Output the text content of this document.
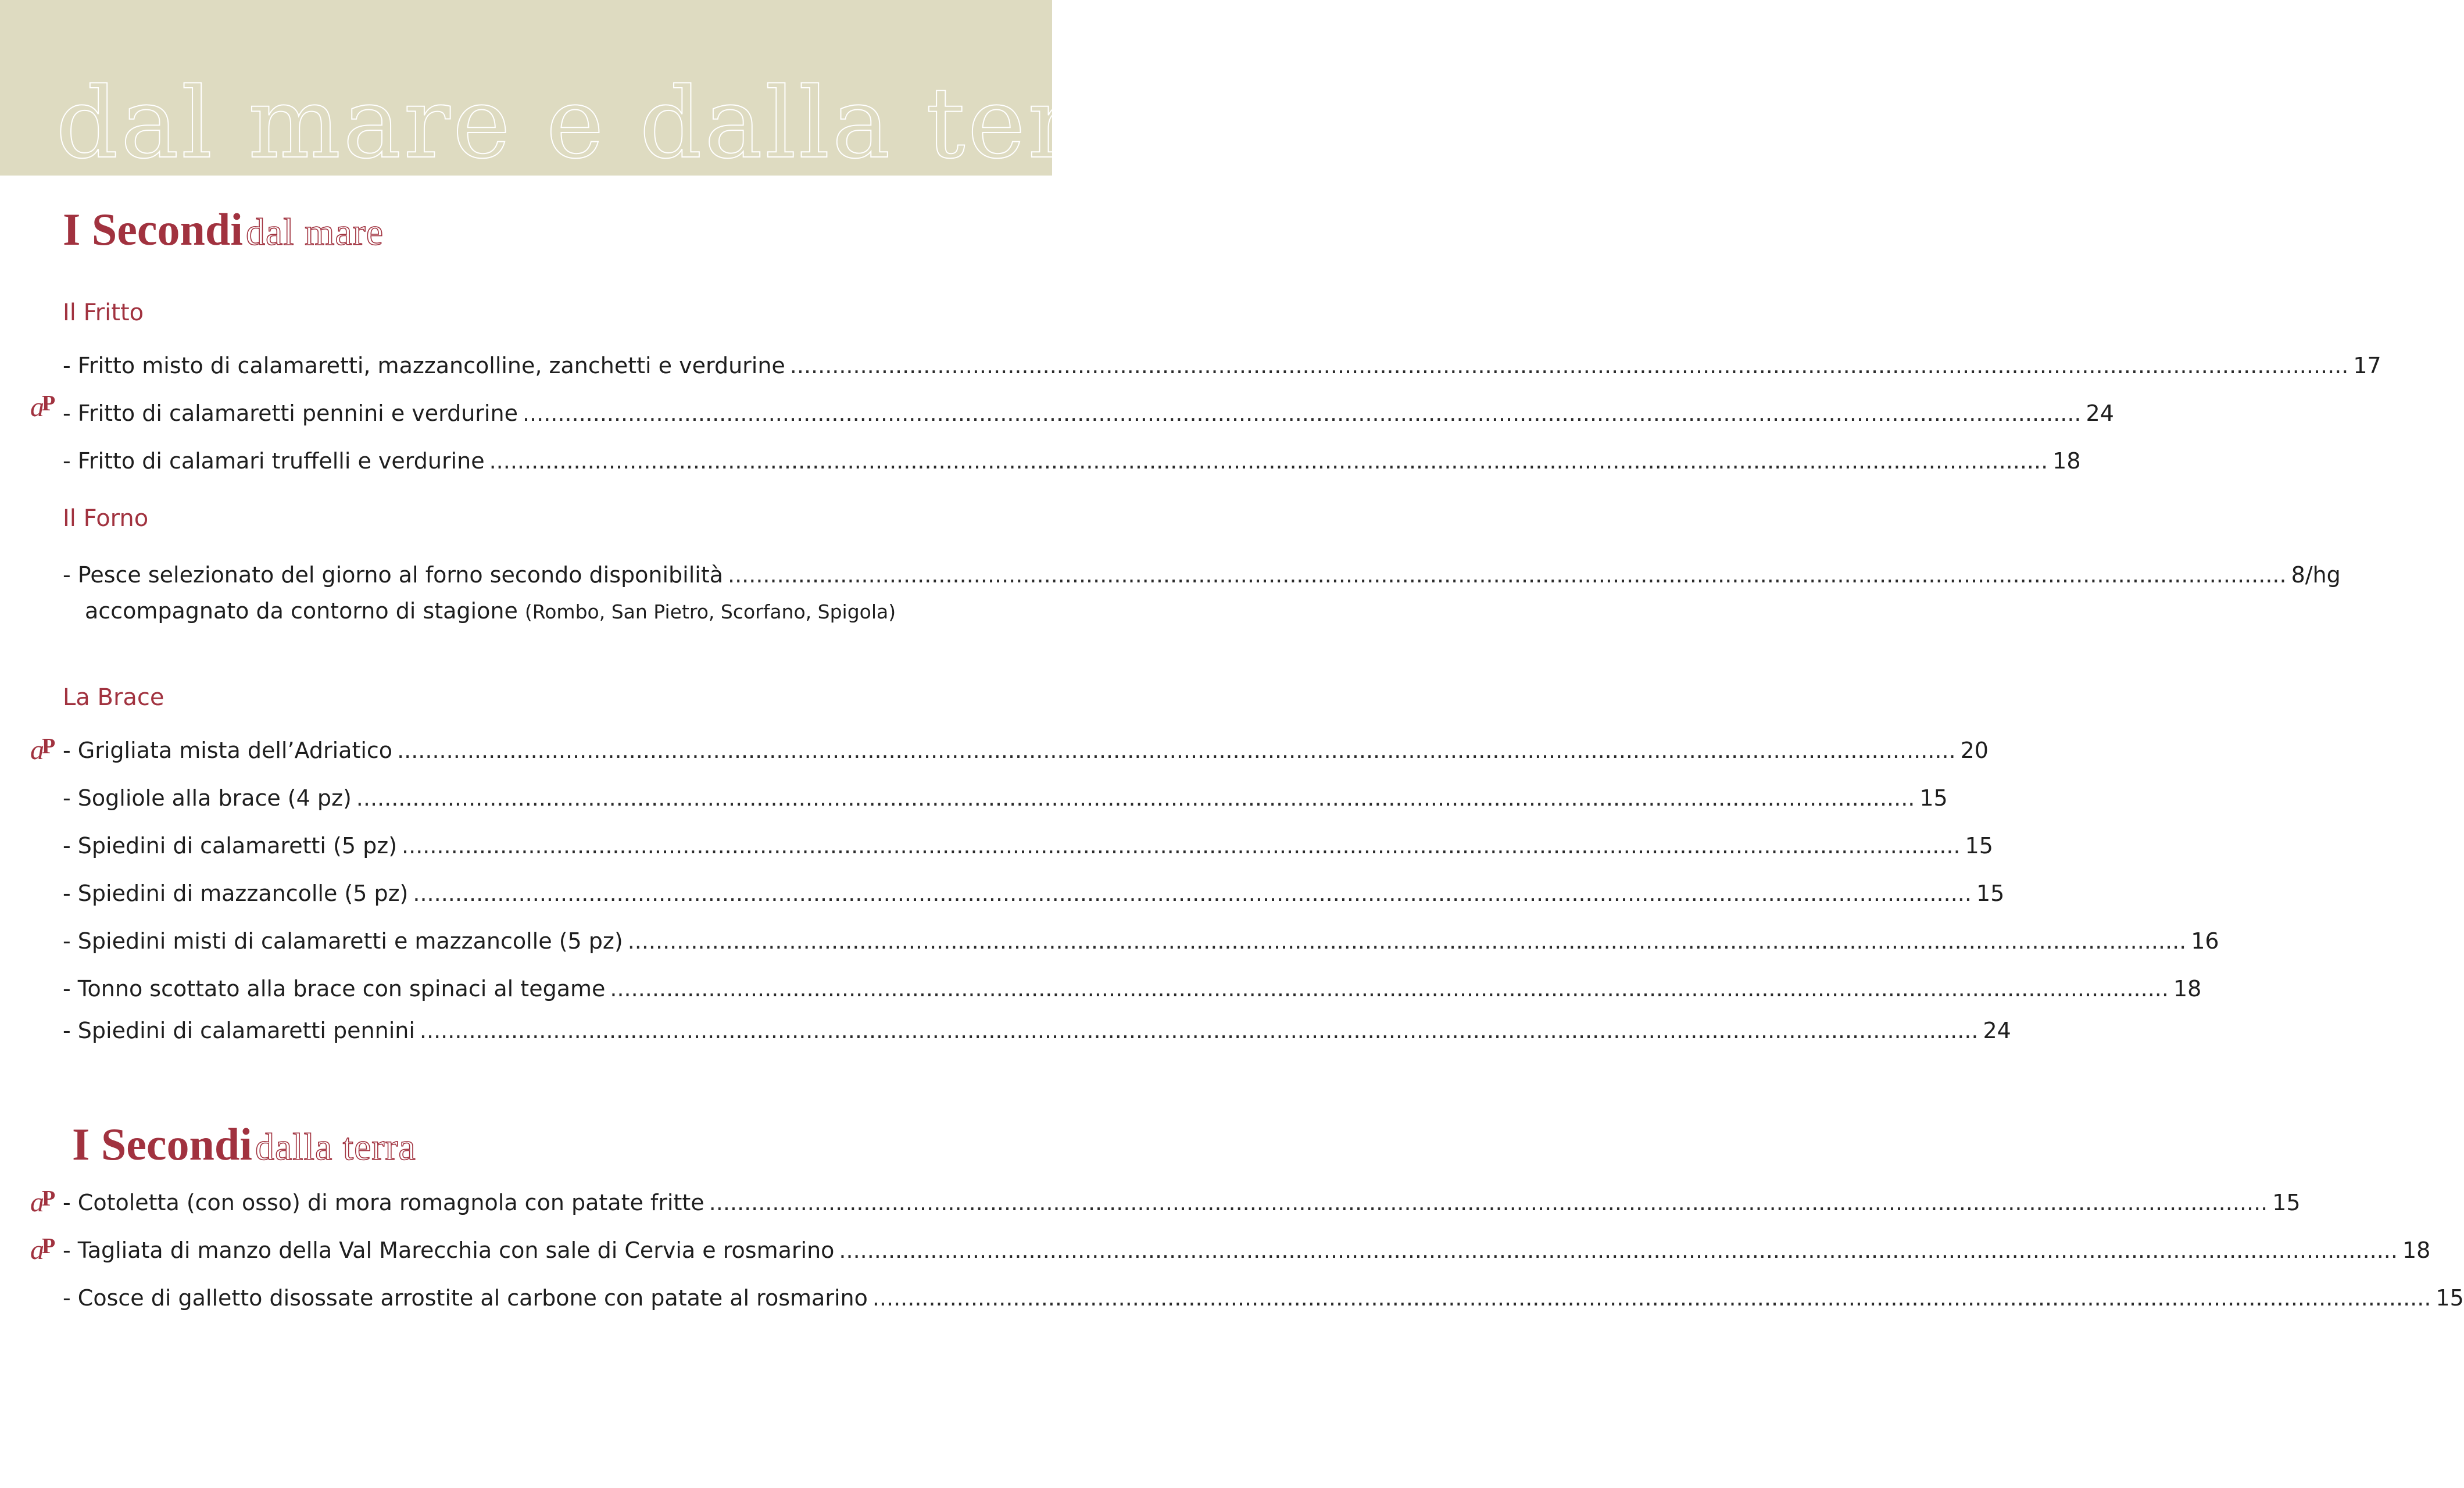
dal mare e dalla terra
I Secondi dal mare
Il Fritto
- Fritto misto di calamaretti, mazzancolline, zanchetti e verdurine .....	17
a
P - Fritto di calamaretti pennini e verdurine .....	24
- Fritto di calamari truffelli e verdurine .....	18
Il Forno
- Pesce selezionato del giorno al forno secondo disponibilità .....	8/hg
accompagnato da contorno di stagione (Rombo, San Pietro, Scorfano, Spigola)
La Brace
a
P - Grigliata mista dell’Adriatico .....	20
- Sogliole alla brace (4 pz) .....	15
- Spiedini di calamaretti (5 pz) .....	15
- Spiedini di mazzancolle (5 pz) .....	15
- Spiedini misti di calamaretti e mazzancolle (5 pz) .....	16
- Tonno scottato alla brace con spinaci al tegame .....	18
- Spiedini di calamaretti pennini .....	24
I Secondi dalla terra
a
P - Cotoletta (con osso) di mora romagnola con patate fritte .....	15
a
P - Tagliata di manzo della Val Marecchia con sale di Cervia e rosmarino .....	18
- Cosce di galletto disossate arrostite al carbone con patate al rosmarino .....	15
